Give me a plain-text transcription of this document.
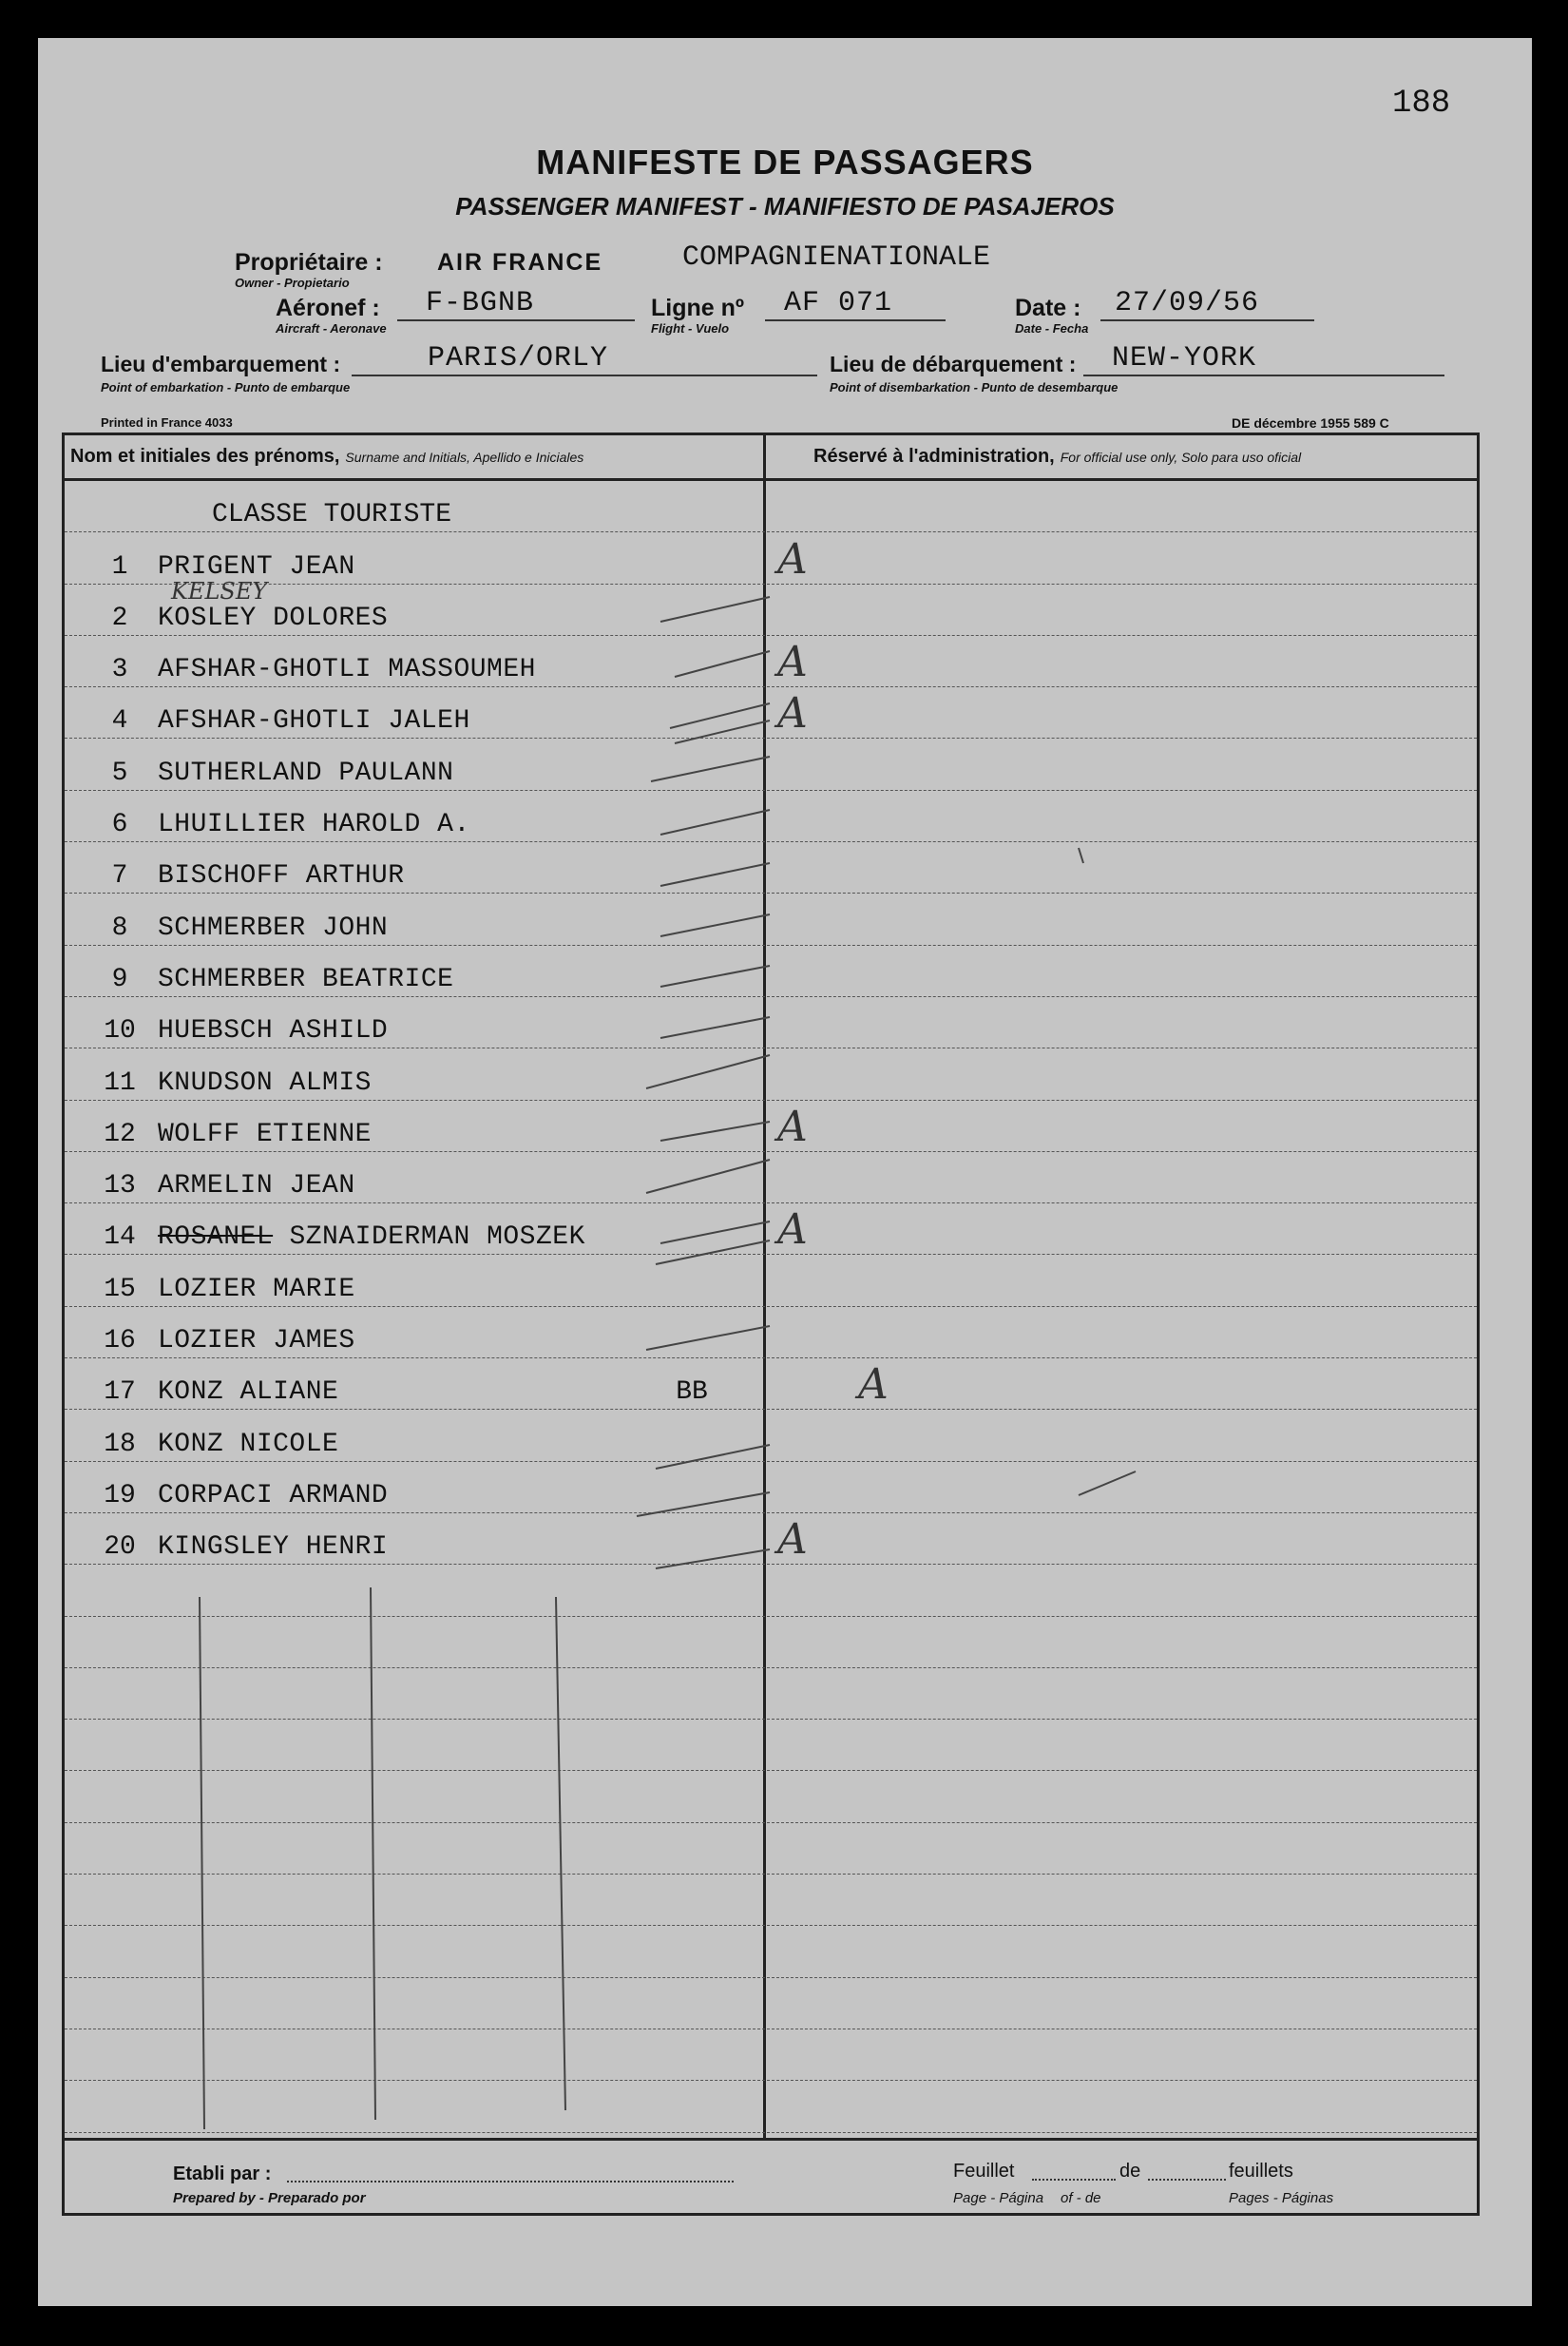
188
MANIFESTE DE PASSAGERS
PASSENGER MANIFEST - MANIFIESTO DE PASAJEROS
Propriétaire : AIR FRANCE	COMPAGNIENATIONALE
Owner - Propietario
Aéronef :	F-BGNB
Aircraft - Aeronave
Ligne nº	AF 071
Flight - Vuelo
Date :	27/09/56
Date - Fecha
Lieu d'embarquement :	PARIS/ORLY
Point of embarkation - Punto de embarque
Lieu de débarquement :	NEW-YORK
Point of disembarkation - Punto de desembarque
Printed in France 4033	DE décembre 1955 589 C
Nom et initiales des prénoms, Surname and Initials, Apellido e Iniciales	Réservé à l'administration, For official use only, Solo para uso oficial
CLASSE TOURISTE
1	PRIGENT JEAN	A
2	KOSLEY DOLORES
3	AFSHAR-GHOTLI MASSOUMEH	A
4	AFSHAR-GHOTLI JALEH	A
5	SUTHERLAND PAULANN
6	LHUILLIER HAROLD A.
7	BISCHOFF ARTHUR
8	SCHMERBER JOHN
9	SCHMERBER BEATRICE
10 HUEBSCH ASHILD
11 KNUDSON ALMIS
12 WOLFF ETIENNE	A
13 ARMELIN JEAN
14 ROSANEL SZNAIDERMAN MOSZEK	A
15 LOZIER MARIE
16 LOZIER JAMES
17 KONZ ALIANE	BB	A
18 KONZ NICOLE
19 CORPACI ARMAND
20 KINGSLEY HENRI	A
Etabli par :
Prepared by - Preparado por
Feuillet	de	feuillets
Page - Página of - de	Pages - Páginas
KELSEY
